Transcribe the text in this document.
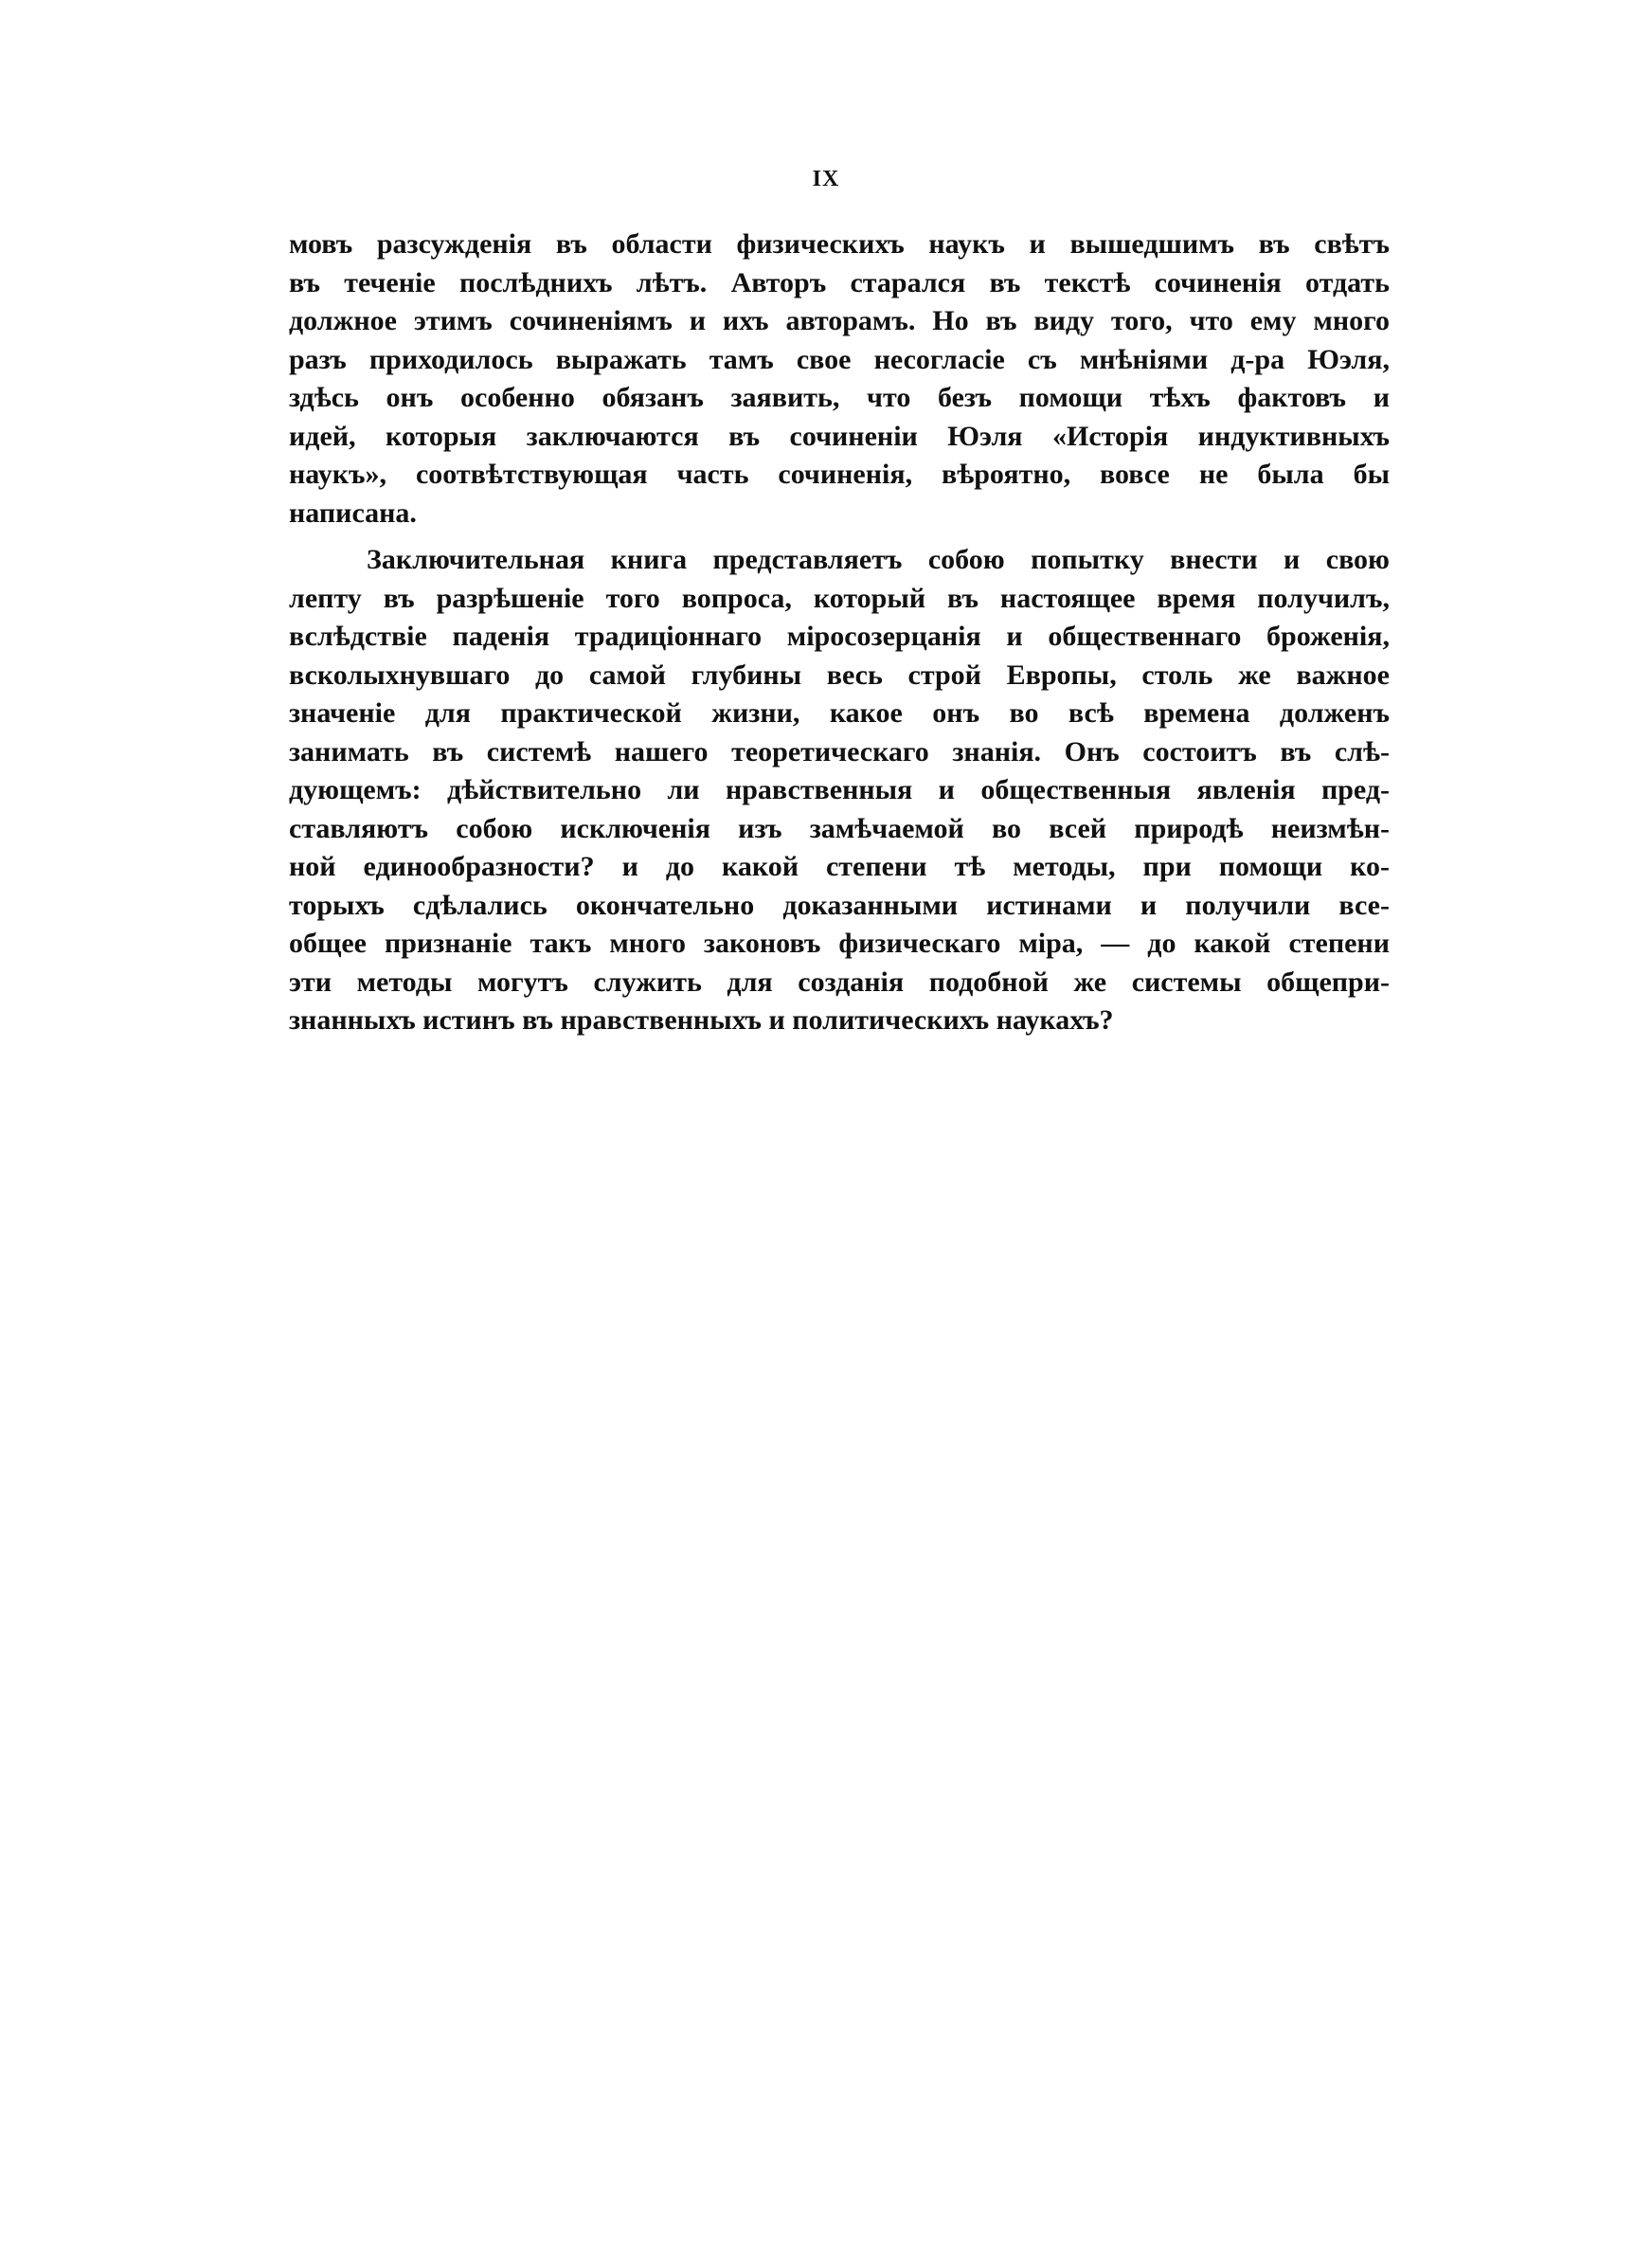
IX
мовъ разсужденія въ области физическихъ наукъ и вышедшимъ въ свѣтъ
въ теченіе послѣднихъ лѣтъ. Авторъ старался въ текстѣ сочиненія отдать
должное этимъ сочиненіямъ и ихъ авторамъ. Но въ виду того, что ему много
разъ приходилось выражать тамъ свое несогласіе съ мнѣніями д-ра Юэля,
здѣсь онъ особенно обязанъ заявить, что безъ помощи тѣхъ фактовъ и
идей, которыя заключаются въ сочиненіи Юэля «Исторія индуктивныхъ
наукъ», соотвѣтствующая часть сочиненія, вѣроятно, вовсе не была бы
написана.
Заключительная книга представляетъ собою попытку внести и свою
лепту въ разрѣшеніе того вопроса, который въ настоящее время получилъ,
вслѣдствіе паденія традиціоннаго міросозерцанія и общественнаго броженія,
всколыхнувшаго до самой глубины весь строй Европы, столь же важное
значеніе для практической жизни, какое онъ во всѣ времена долженъ
занимать въ системѣ нашего теоретическаго знанія. Онъ состоитъ въ слѣ-
дующемъ: дѣйствительно ли нравственныя и общественныя явленія пред-
ставляютъ собою исключенія изъ замѣчаемой во всей природѣ неизмѣн-
ной единообразности? и до какой степени тѣ методы, при помощи ко-
торыхъ сдѣлались окончательно доказанными истинами и получили все-
общее признаніе такъ много законовъ физическаго міра, — до какой степени
эти методы могутъ служить для созданія подобной же системы общепри-
знанныхъ истинъ въ нравственныхъ и политическихъ наукахъ?
